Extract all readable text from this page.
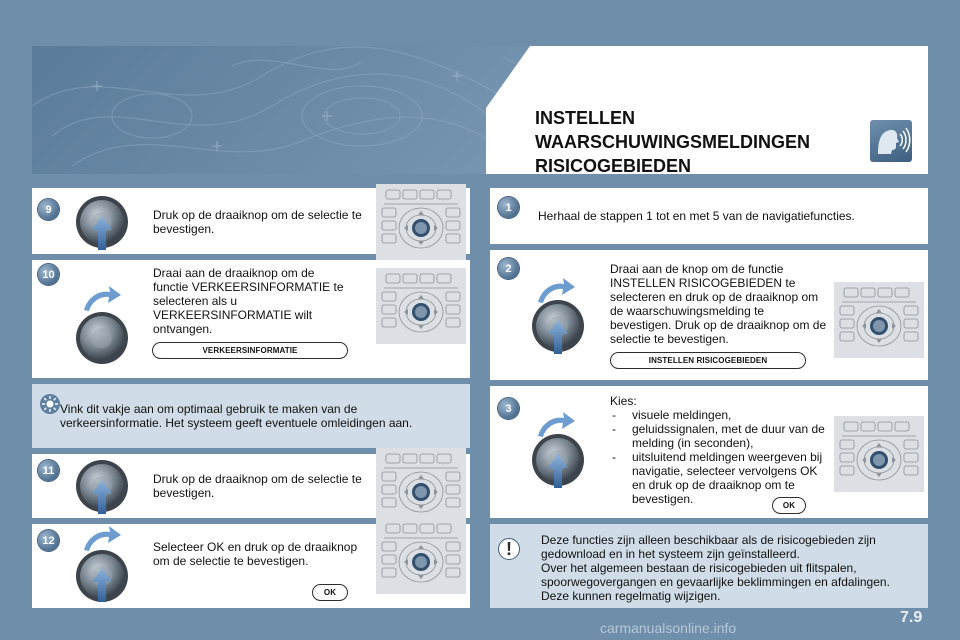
INSTELLEN
WAARSCHUWINGSMELDINGEN
RISICOGEBIEDEN
9	Druk op de draaiknop om de selectie te bevestigen.
10	Draai aan de draaiknop om de functie VERKEERSINFORMATIE te selecteren als u VERKEERSINFORMATIE wilt ontvangen.
VERKEERSINFORMATIE
Vink dit vakje aan om optimaal gebruik te maken van de verkeersinformatie. Het systeem geeft eventuele omleidingen aan.
11
Druk op de draaiknop om de selectie te bevestigen.
12	Selecteer OK en druk op de draaiknop om de selectie te bevestigen.
OK
1
Herhaal de stappen 1 tot en met 5 van de navigatiefuncties.
2	Draai aan de knop om de functie INSTELLEN RISICOGEBIEDEN te selecteren en druk op de draaiknop om de waarschuwingsmelding te bevestigen. Druk op de draaiknop om de selectie te bevestigen.
INSTELLEN RISICOGEBIEDEN
3
Kies:
- visuele meldingen,
- geluidssignalen, met de duur van de melding (in seconden),
- uitsluitend meldingen weergeven bij navigatie, selecteer vervolgens OK en druk op de draaiknop om te bevestigen.	OK
!	Deze functies zijn alleen beschikbaar als de risicogebieden zijn gedownload en in het systeem zijn geïnstalleerd.
Over het algemeen bestaan de risicogebieden uit flitspalen, spoorwegovergangen en gevaarlijke beklimmingen en afdalingen. Deze kunnen regelmatig wijzigen.
carmanualsonline.info
7.9
